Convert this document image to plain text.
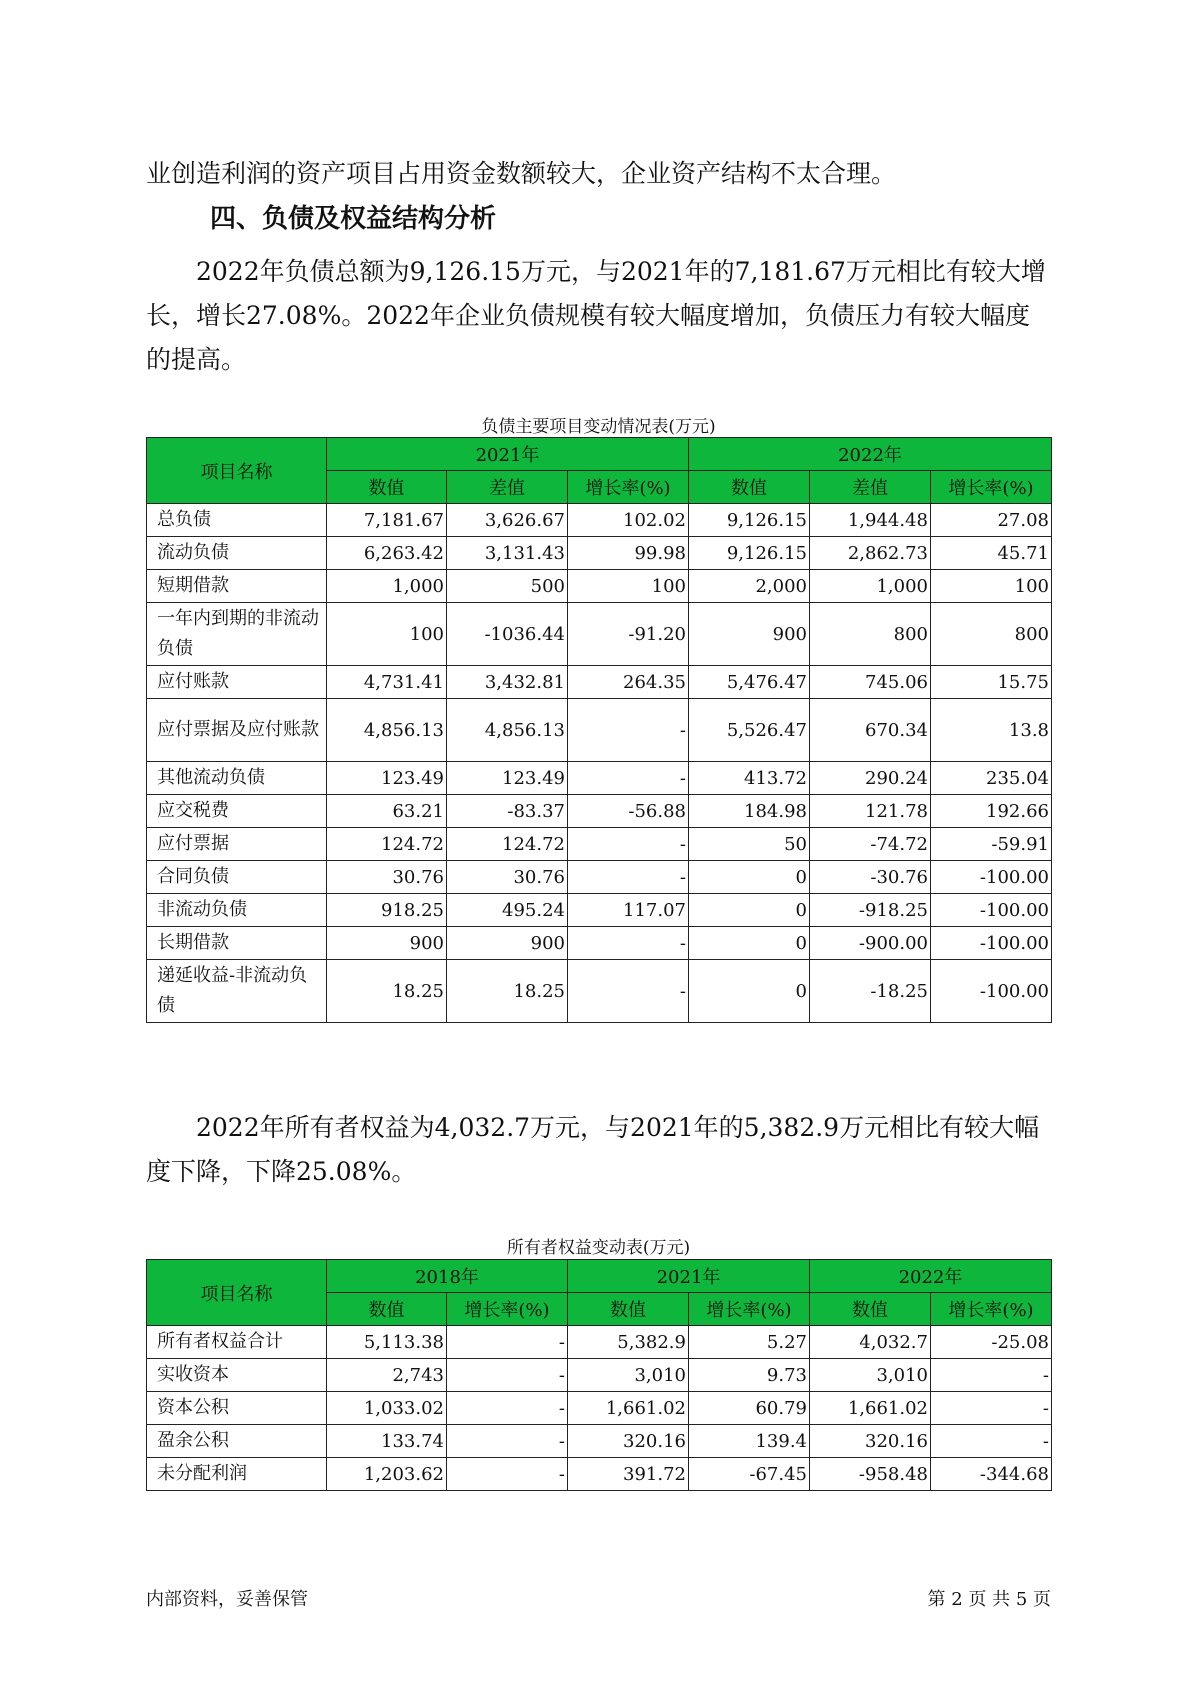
业创造利润的资产项目占用资金数额较大，企业资产结构不太合理。

四、负债及权益结构分析

2022年负债总额为9,126.15万元，与2021年的7,181.67万元相比有较大增长，增长27.08%。2022年企业负债规模有较大幅度增加，负债压力有较大幅度的提高。

负债主要项目变动情况表(万元)

项目名称	2021年			2022年		
	数值	差值	增长率(%)	数值	差值	增长率(%)
总负债	7,181.67	3,626.67	102.02	9,126.15	1,944.48	27.08
流动负债	6,263.42	3,131.43	99.98	9,126.15	2,862.73	45.71
短期借款	1,000	500	100	2,000	1,000	100
一年内到期的非流动负债	100	-1036.44	-91.20	900	800	800
应付账款	4,731.41	3,432.81	264.35	5,476.47	745.06	15.75
应付票据及应付账款	4,856.13	4,856.13	-	5,526.47	670.34	13.8
其他流动负债	123.49	123.49	-	413.72	290.24	235.04
应交税费	63.21	-83.37	-56.88	184.98	121.78	192.66
应付票据	124.72	124.72	-	50	-74.72	-59.91
合同负债	30.76	30.76	-	0	-30.76	-100.00
非流动负债	918.25	495.24	117.07	0	-918.25	-100.00
长期借款	900	900	-	0	-900.00	-100.00
递延收益-非流动负债	18.25	18.25	-	0	-18.25	-100.00

2022年所有者权益为4,032.7万元，与2021年的5,382.9万元相比有较大幅度下降，下降25.08%。

所有者权益变动表(万元)

项目名称	2018年		2021年		2022年	
	数值	增长率(%)	数值	增长率(%)	数值	增长率(%)
所有者权益合计	5,113.38	-	5,382.9	5.27	4,032.7	-25.08
实收资本	2,743	-	3,010	9.73	3,010	-
资本公积	1,033.02	-	1,661.02	60.79	1,661.02	-
盈余公积	133.74	-	320.16	139.4	320.16	-
未分配利润	1,203.62	-	391.72	-67.45	-958.48	-344.68
内部资料，妥善保管	第 2 页 共 5 页
